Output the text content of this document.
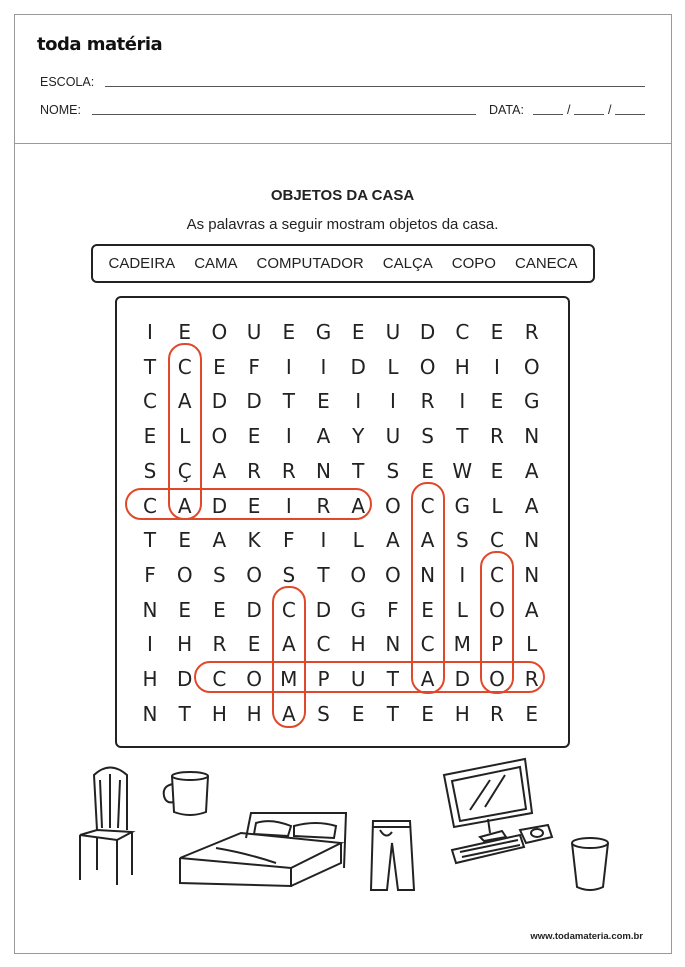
toda matéria
ESCOLA:
NOME:	DATA:	/	/
OBJETOS DA CASA
As palavras a seguir mostram objetos da casa.
CADEIRA CAMA COMPUTADOR CALÇA COPO CANECA
I	E	O U	E	G	E	U D	C	E	R
T	C	E	F	I	I	D	L	O H	I	O
C	A	D D	T	E	I	I	R	I	E	G
E	L	O	E	I	A	Y	U	S	T	R	N
S	Ç	A	R	R	N	T	S	E W E	A
C	A	D	E	I	R	A O C G	L	A
T	E	A	K	F	I	L	A	A	S	C	N
F	O	S	O	S	T	O O N	I	C	N
N	E	E	D	C	D G	F	E	L	O A
I	H	R	E	A	C	H N	C M	P	L
H D	C O M	P	U	T	A	D O R
N	T	H H	A	S	E	T	E	H	R	E
www.todamateria.com.br
